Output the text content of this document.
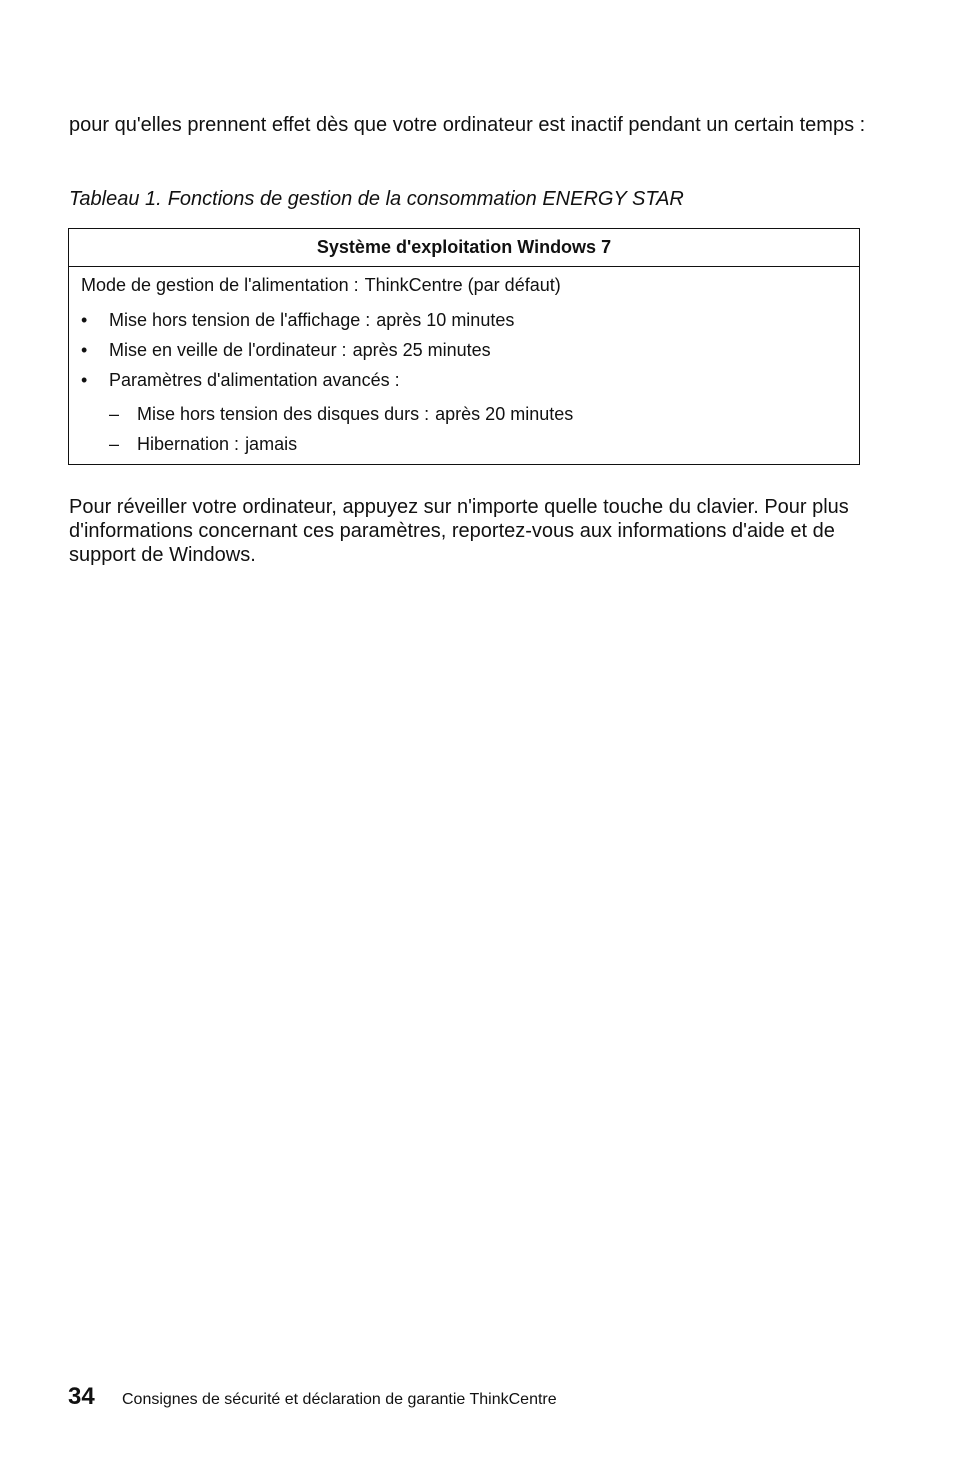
pour qu'elles prennent effet dès que votre ordinateur est inactif pendant un certain temps :

Tableau 1. Fonctions de gestion de la consommation ENERGY STAR

Système d'exploitation Windows 7
Mode de gestion de l'alimentation : ThinkCentre (par défaut)
• Mise hors tension de l'affichage : après 10 minutes
• Mise en veille de l'ordinateur : après 25 minutes
• Paramètres d'alimentation avancés :
– Mise hors tension des disques durs : après 20 minutes
– Hibernation : jamais

Pour réveiller votre ordinateur, appuyez sur n'importe quelle touche du clavier. Pour plus d'informations concernant ces paramètres, reportez-vous aux informations d'aide et de support de Windows.

34 Consignes de sécurité et déclaration de garantie ThinkCentre
